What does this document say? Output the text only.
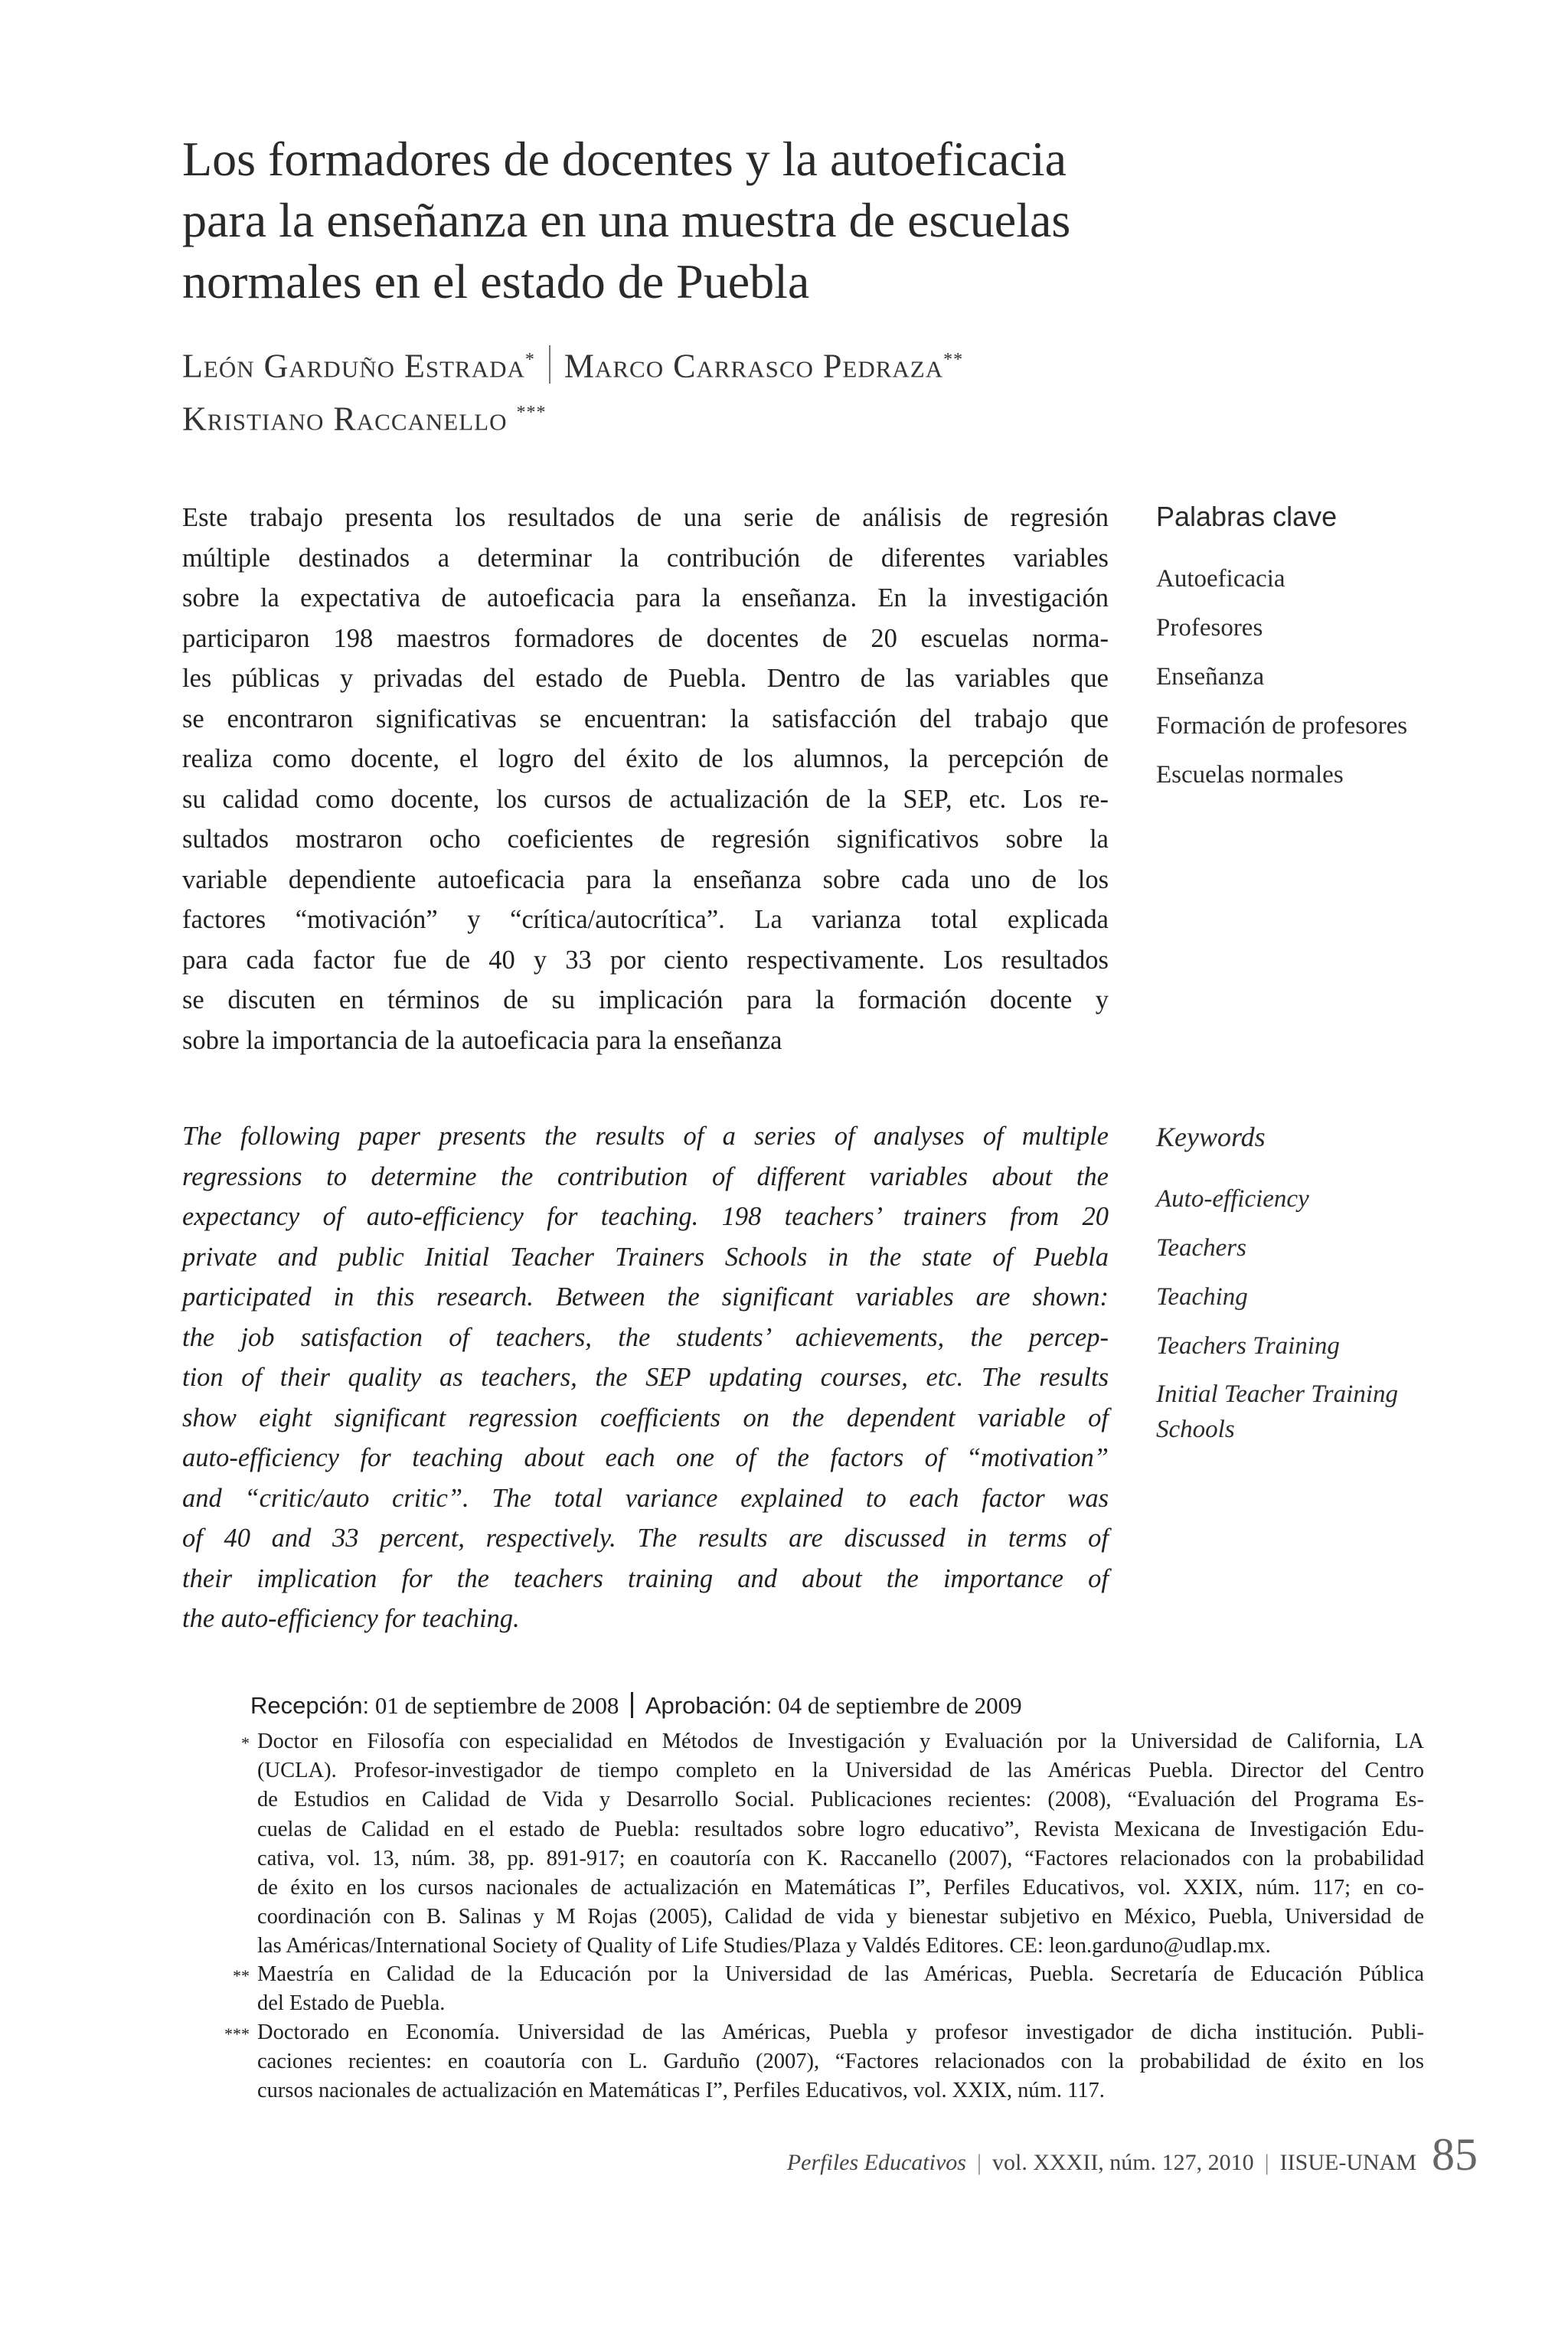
Los formadores de docentes y la autoeficacia
para la enseñanza en una muestra de escuelas
normales en el estado de Puebla
León Garduño Estrada* Marco Carrasco Pedraza**
Kristiano Raccanello ***
Este trabajo presenta los resultados de una serie de análisis de regresión
múltiple destinados a determinar la contribución de diferentes variables
sobre la expectativa de autoeficacia para la enseñanza. En la investigación
participaron 198 maestros formadores de docentes de 20 escuelas norma-
les públicas y privadas del estado de Puebla. Dentro de las variables que
se encontraron significativas se encuentran: la satisfacción del trabajo que
realiza como docente, el logro del éxito de los alumnos, la percepción de
su calidad como docente, los cursos de actualización de la SEP, etc. Los re-
sultados mostraron ocho coeficientes de regresión significativos sobre la
variable dependiente autoeficacia para la enseñanza sobre cada uno de los
factores “motivación” y “crítica/autocrítica”. La varianza total explicada
para cada factor fue de 40 y 33 por ciento respectivamente. Los resultados
se discuten en términos de su implicación para la formación docente y
sobre la importancia de la autoeficacia para la enseñanza
Palabras clave
Autoeficacia
Profesores
Enseñanza
Formación de profesores
Escuelas normales
The following paper presents the results of a series of analyses of multiple
regressions to determine the contribution of different variables about the
expectancy of auto-efficiency for teaching. 198 teachers’ trainers from 20
private and public Initial Teacher Trainers Schools in the state of Puebla
participated in this research. Between the significant variables are shown:
the job satisfaction of teachers, the students’ achievements, the percep-
tion of their quality as teachers, the SEP updating courses, etc. The results
show eight significant regression coefficients on the dependent variable of
auto-efficiency for teaching about each one of the factors of “motivation”
and “critic/auto critic”. The total variance explained to each factor was
of 40 and 33 percent, respectively. The results are discussed in terms of
their implication for the teachers training and about the importance of
the auto-efficiency for teaching.
Keywords
Auto-efficiency
Teachers
Teaching
Teachers Training
Initial Teacher Training Schools
Recepción: 01 de septiembre de 2008 Aprobación: 04 de septiembre de 2009
* Doctor en Filosofía con especialidad en Métodos de Investigación y Evaluación por la Universidad de California, LA
(UCLA). Profesor-investigador de tiempo completo en la Universidad de las Américas Puebla. Director del Centro
de Estudios en Calidad de Vida y Desarrollo Social. Publicaciones recientes: (2008), “Evaluación del Programa Es-
cuelas de Calidad en el estado de Puebla: resultados sobre logro educativo”, Revista Mexicana de Investigación Edu-
cativa, vol. 13, núm. 38, pp. 891-917; en coautoría con K. Raccanello (2007), “Factores relacionados con la probabilidad
de éxito en los cursos nacionales de actualización en Matemáticas I”, Perfiles Educativos, vol. XXIX, núm. 117; en co-
coordinación con B. Salinas y M Rojas (2005), Calidad de vida y bienestar subjetivo en México, Puebla, Universidad de
las Américas/International Society of Quality of Life Studies/Plaza y Valdés Editores. CE: leon.garduno@udlap.mx.
** Maestría en Calidad de la Educación por la Universidad de las Américas, Puebla. Secretaría de Educación Pública
del Estado de Puebla.
*** Doctorado en Economía. Universidad de las Américas, Puebla y profesor investigador de dicha institución. Publi-
caciones recientes: en coautoría con L. Garduño (2007), “Factores relacionados con la probabilidad de éxito en los
cursos nacionales de actualización en Matemáticas I”, Perfiles Educativos, vol. XXIX, núm. 117.
Perfiles Educativos | vol. XXXII, núm. 127, 2010 | IISUE-UNAM 85
